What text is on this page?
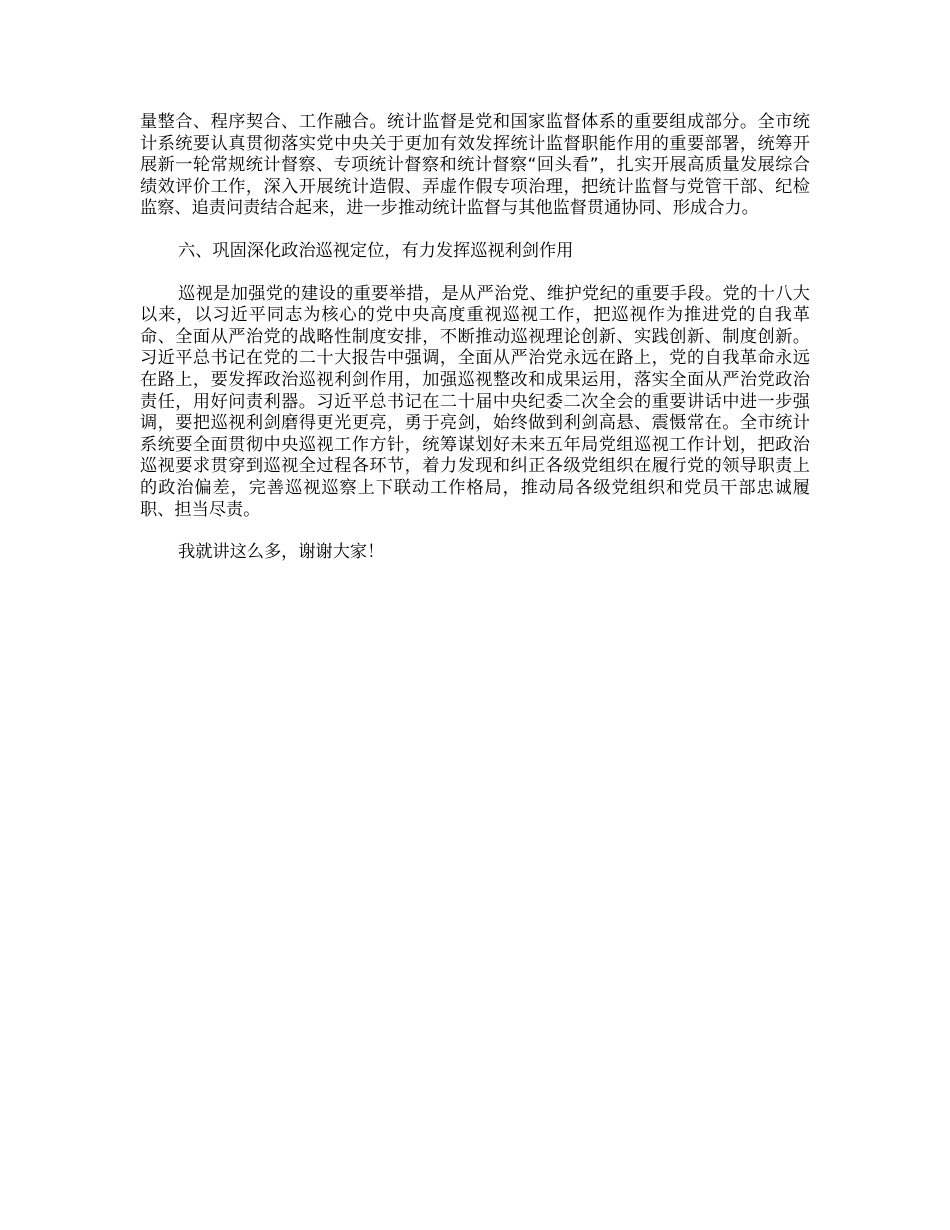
量整合、程序契合、工作融合。统计监督是党和国家监督体系的重要组成部分。全市统计系统要认真贯彻落实党中央关于更加有效发挥统计监督职能作用的重要部署，统筹开展新一轮常规统计督察、专项统计督察和统计督察“回头看”，扎实开展高质量发展综合绩效评价工作，深入开展统计造假、弄虚作假专项治理，把统计监督与党管干部、纪检监察、追责问责结合起来，进一步推动统计监督与其他监督贯通协同、形成合力。

六、巩固深化政治巡视定位，有力发挥巡视利剑作用

巡视是加强党的建设的重要举措，是从严治党、维护党纪的重要手段。党的十八大以来，以习近平同志为核心的党中央高度重视巡视工作，把巡视作为推进党的自我革命、全面从严治党的战略性制度安排，不断推动巡视理论创新、实践创新、制度创新。习近平总书记在党的二十大报告中强调，全面从严治党永远在路上，党的自我革命永远在路上，要发挥政治巡视利剑作用，加强巡视整改和成果运用，落实全面从严治党政治责任，用好问责利器。习近平总书记在二十届中央纪委二次全会的重要讲话中进一步强调，要把巡视利剑磨得更光更亮，勇于亮剑，始终做到利剑高悬、震慑常在。全市统计系统要全面贯彻中央巡视工作方针，统筹谋划好未来五年局党组巡视工作计划，把政治巡视要求贯穿到巡视全过程各环节，着力发现和纠正各级党组织在履行党的领导职责上的政治偏差，完善巡视巡察上下联动工作格局，推动局各级党组织和党员干部忠诚履职、担当尽责。

我就讲这么多，谢谢大家！
